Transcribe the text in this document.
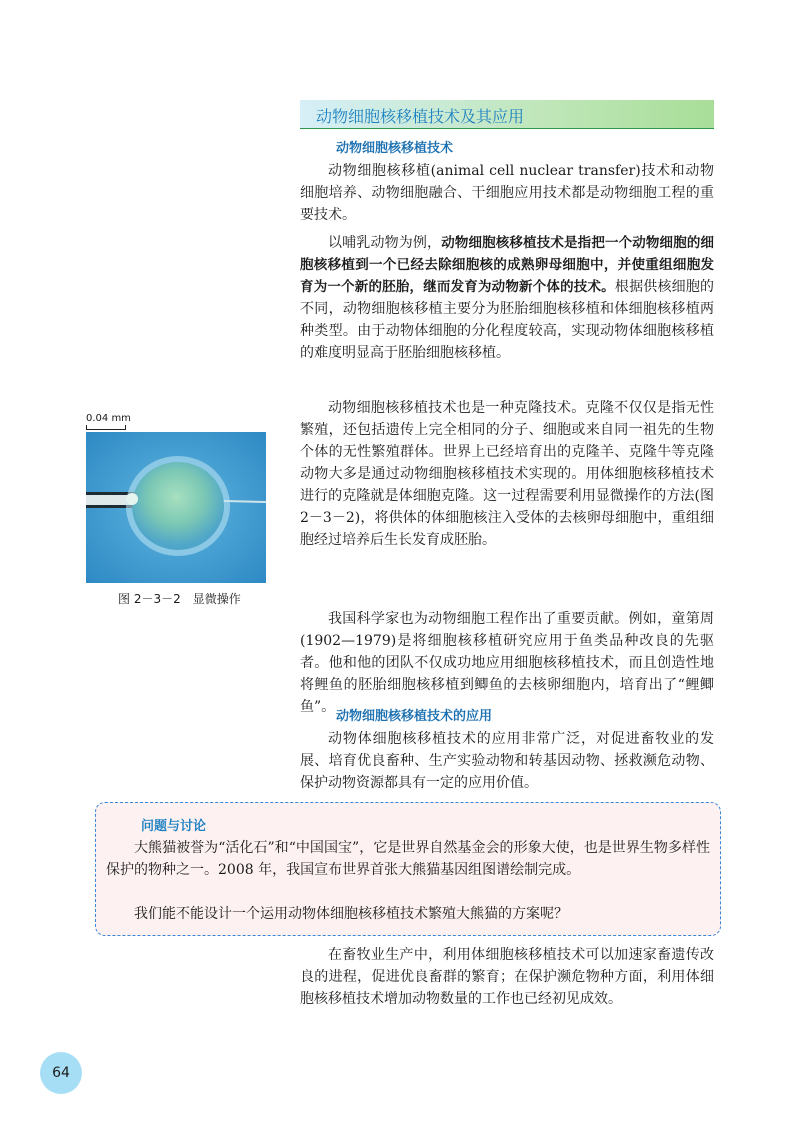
动物细胞核移植技术及其应用
动物细胞核移植技术

动物细胞核移植(animal cell nuclear transfer)技术和动物细胞培养、动物细胞融合、干细胞应用技术都是动物细胞工程的重要技术。

以哺乳动物为例，动物细胞核移植技术是指把一个动物细胞的细胞核移植到一个已经去除细胞核的成熟卵母细胞中，并使重组细胞发育为一个新的胚胎，继而发育为动物新个体的技术。根据供核细胞的不同，动物细胞核移植主要分为胚胎细胞核移植和体细胞核移植两种类型。由于动物体细胞的分化程度较高，实现动物体细胞核移植的难度明显高于胚胎细胞核移植。

动物细胞核移植技术也是一种克隆技术。克隆不仅仅是指无性繁殖，还包括遗传上完全相同的分子、细胞或来自同一祖先的生物个体的无性繁殖群体。世界上已经培育出的克隆羊、克隆牛等克隆动物大多是通过动物细胞核移植技术实现的。用体细胞核移植技术进行的克隆就是体细胞克隆。这一过程需要利用显微操作的方法(图 2－3－2)，将供体的体细胞核注入受体的去核卵母细胞中，重组细胞经过培养后生长发育成胚胎。

我国科学家也为动物细胞工程作出了重要贡献。例如，童第周(1902—1979)是将细胞核移植研究应用于鱼类品种改良的先驱者。他和他的团队不仅成功地应用细胞核移植技术，而且创造性地将鲤鱼的胚胎细胞核移植到鲫鱼的去核卵细胞内，培育出了“鲤鲫鱼”。

动物细胞核移植技术的应用

动物体细胞核移植技术的应用非常广泛，对促进畜牧业的发展、培育优良畜种、生产实验动物和转基因动物、拯救濒危动物、保护动物资源都具有一定的应用价值。

0.04 mm
图 2－3－2　显微操作
问题与讨论

大熊猫被誉为“活化石”和“中国国宝”，它是世界自然基金会的形象大使，也是世界生物多样性保护的物种之一。2008 年，我国宣布世界首张大熊猫基因组图谱绘制完成。

我们能不能设计一个运用动物体细胞核移植技术繁殖大熊猫的方案呢？

在畜牧业生产中，利用体细胞核移植技术可以加速家畜遗传改良的进程，促进优良畜群的繁育；在保护濒危物种方面，利用体细胞核移植技术增加动物数量的工作也已经初见成效。

64
